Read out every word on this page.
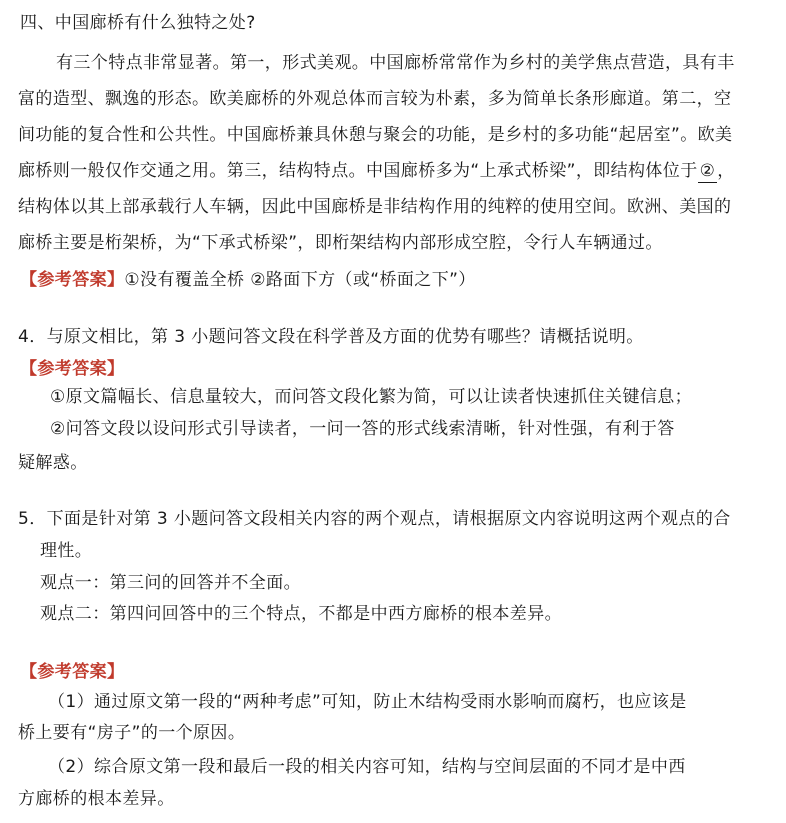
四、中国廊桥有什么独特之处?
有三个特点非常显著。第一，形式美观。中国廊桥常常作为乡村的美学焦点营造，具有丰
富的造型、飘逸的形态。欧美廊桥的外观总体而言较为朴素，多为简单长条形廊道。第二，空
间功能的复合性和公共性。中国廊桥兼具休憩与聚会的功能，是乡村的多功能“起居室”。欧美
廊桥则一般仅作交通之用。第三，结构特点。中国廊桥多为“上承式桥梁”，即结构体位于 ② ，
结构体以其上部承载行人车辆，因此中国廊桥是非结构作用的纯粹的使用空间。欧洲、美国的
廊桥主要是桁架桥，为“下承式桥梁”，即桁架结构内部形成空腔，令行人车辆通过。
【参考答案】①没有覆盖全桥 ②路面下方（或“桥面之下”）
4．与原文相比，第 3 小题问答文段在科学普及方面的优势有哪些？请概括说明。
【参考答案】
①原文篇幅长、信息量较大，而问答文段化繁为简，可以让读者快速抓住关键信息；
②问答文段以设问形式引导读者，一问一答的形式线索清晰，针对性强，有利于答
疑解惑。
5．下面是针对第 3 小题问答文段相关内容的两个观点，请根据原文内容说明这两个观点的合
理性。
观点一：第三问的回答并不全面。
观点二：第四问回答中的三个特点，不都是中西方廊桥的根本差异。
【参考答案】
（1）通过原文第一段的“两种考虑”可知，防止木结构受雨水影响而腐朽，也应该是
桥上要有“房子”的一个原因。
（2）综合原文第一段和最后一段的相关内容可知，结构与空间层面的不同才是中西
方廊桥的根本差异。
